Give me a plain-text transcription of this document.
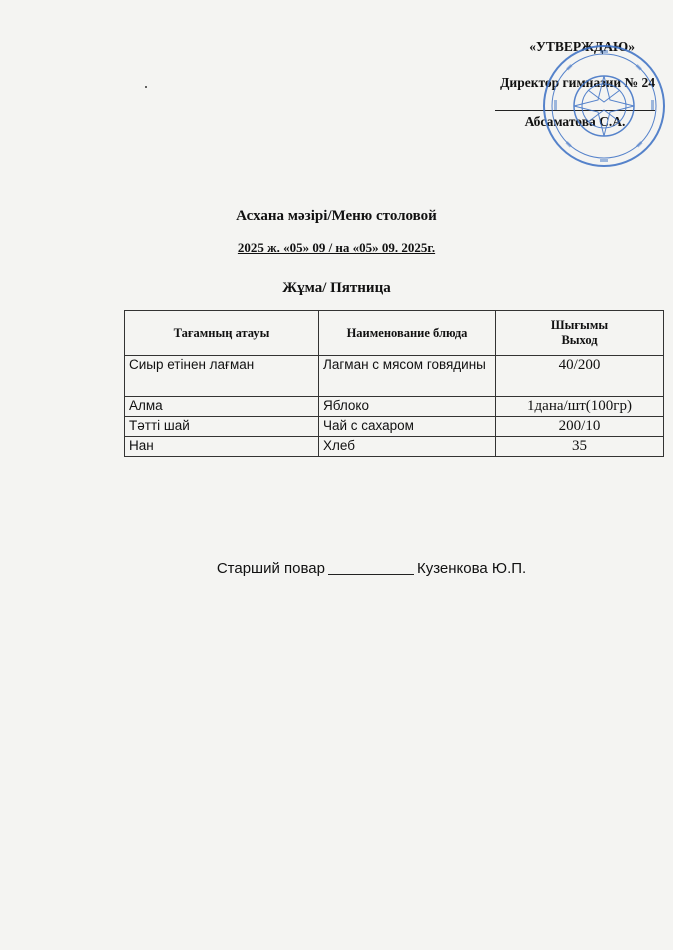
«УТВЕРЖДАЮ»
Директор гимназии № 24
Абсаматова С.А.
Асхана мәзірі/Меню столовой
2025 ж. «05» 09 / на «05» 09. 2025г.
Жұма/ Пятница
Тағамның атауы	Наименование блюда	Шығымы
Выход
Сиыр етінен лағман	Лагман с мясом говядины	40/200
Алма	Яблоко	1дана/шт(100гр)
Тәтті шай	Чай с сахаром	200/10
Нан	Хлеб	35
Старший повар	Кузенкова Ю.П.
